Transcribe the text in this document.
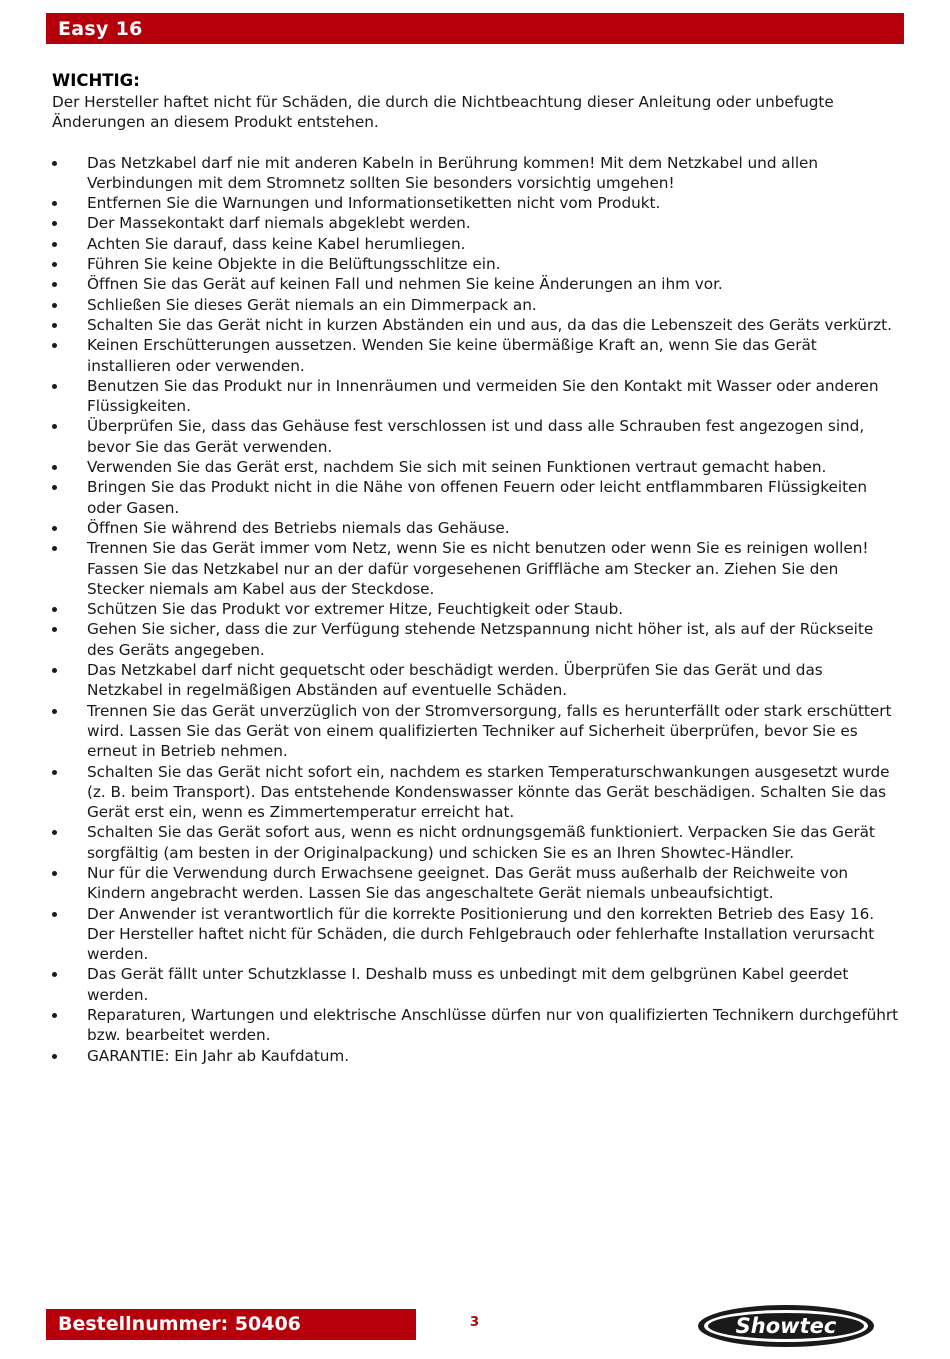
Easy 16

WICHTIG:

Der Hersteller haftet nicht für Schäden, die durch die Nichtbeachtung dieser Anleitung oder unbefugte Änderungen an diesem Produkt entstehen.

Das Netzkabel darf nie mit anderen Kabeln in Berührung kommen! Mit dem Netzkabel und allen Verbindungen mit dem Stromnetz sollten Sie besonders vorsichtig umgehen!
Entfernen Sie die Warnungen und Informationsetiketten nicht vom Produkt.
Der Massekontakt darf niemals abgeklebt werden.
Achten Sie darauf, dass keine Kabel herumliegen.
Führen Sie keine Objekte in die Belüftungsschlitze ein.
Öffnen Sie das Gerät auf keinen Fall und nehmen Sie keine Änderungen an ihm vor.
Schließen Sie dieses Gerät niemals an ein Dimmerpack an.
Schalten Sie das Gerät nicht in kurzen Abständen ein und aus, da das die Lebenszeit des Geräts verkürzt.
Keinen Erschütterungen aussetzen. Wenden Sie keine übermäßige Kraft an, wenn Sie das Gerät installieren oder verwenden.
Benutzen Sie das Produkt nur in Innenräumen und vermeiden Sie den Kontakt mit Wasser oder anderen Flüssigkeiten.
Überprüfen Sie, dass das Gehäuse fest verschlossen ist und dass alle Schrauben fest angezogen sind, bevor Sie das Gerät verwenden.
Verwenden Sie das Gerät erst, nachdem Sie sich mit seinen Funktionen vertraut gemacht haben.
Bringen Sie das Produkt nicht in die Nähe von offenen Feuern oder leicht entflammbaren Flüssigkeiten oder Gasen.
Öffnen Sie während des Betriebs niemals das Gehäuse.
Trennen Sie das Gerät immer vom Netz, wenn Sie es nicht benutzen oder wenn Sie es reinigen wollen! Fassen Sie das Netzkabel nur an der dafür vorgesehenen Griffläche am Stecker an. Ziehen Sie den Stecker niemals am Kabel aus der Steckdose.
Schützen Sie das Produkt vor extremer Hitze, Feuchtigkeit oder Staub.
Gehen Sie sicher, dass die zur Verfügung stehende Netzspannung nicht höher ist, als auf der Rückseite des Geräts angegeben.
Das Netzkabel darf nicht gequetscht oder beschädigt werden. Überprüfen Sie das Gerät und das Netzkabel in regelmäßigen Abständen auf eventuelle Schäden.
Trennen Sie das Gerät unverzüglich von der Stromversorgung, falls es herunterfällt oder stark erschüttert wird. Lassen Sie das Gerät von einem qualifizierten Techniker auf Sicherheit überprüfen, bevor Sie es erneut in Betrieb nehmen.
Schalten Sie das Gerät nicht sofort ein, nachdem es starken Temperaturschwankungen ausgesetzt wurde (z. B. beim Transport). Das entstehende Kondenswasser könnte das Gerät beschädigen. Schalten Sie das Gerät erst ein, wenn es Zimmertemperatur erreicht hat.
Schalten Sie das Gerät sofort aus, wenn es nicht ordnungsgemäß funktioniert. Verpacken Sie das Gerät sorgfältig (am besten in der Originalpackung) und schicken Sie es an Ihren Showtec-Händler.
Nur für die Verwendung durch Erwachsene geeignet. Das Gerät muss außerhalb der Reichweite von Kindern angebracht werden. Lassen Sie das angeschaltete Gerät niemals unbeaufsichtigt.
Der Anwender ist verantwortlich für die korrekte Positionierung und den korrekten Betrieb des Easy 16. Der Hersteller haftet nicht für Schäden, die durch Fehlgebrauch oder fehlerhafte Installation verursacht werden.
Das Gerät fällt unter Schutzklasse I. Deshalb muss es unbedingt mit dem gelbgrünen Kabel geerdet werden.
Reparaturen, Wartungen und elektrische Anschlüsse dürfen nur von qualifizierten Technikern durchgeführt bzw. bearbeitet werden.
GARANTIE: Ein Jahr ab Kaufdatum.
Bestellnummer: 50406	3	Showtec
